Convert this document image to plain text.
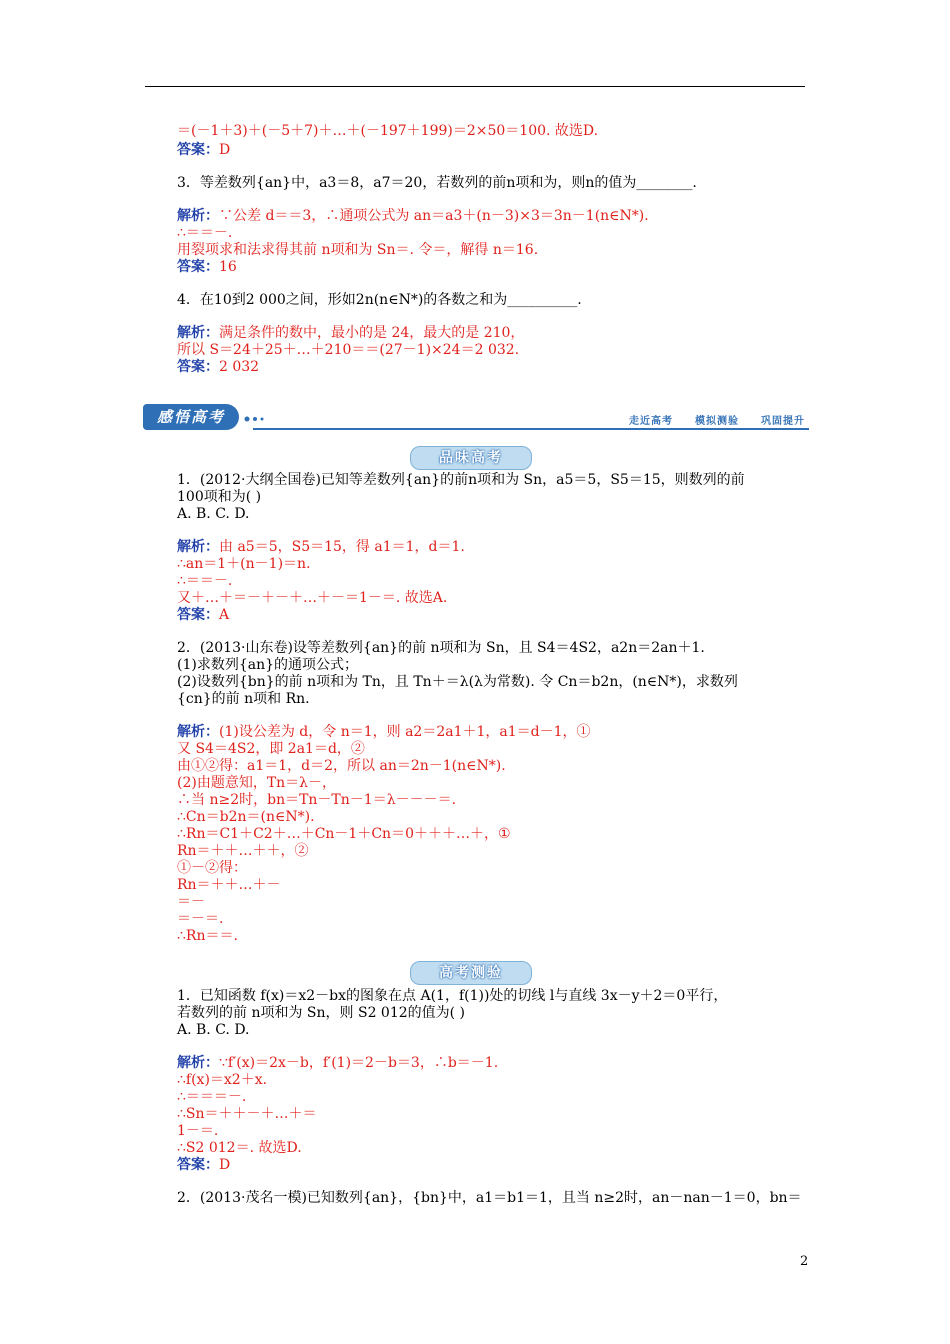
＝(－1＋3)＋(－5＋7)＋…＋(－197＋199)＝2×50＝100. 故选D.
答案：D
3．等差数列{an}中，a3＝8，a7＝20，若数列的前n项和为，则n的值为________.
解析：∵公差 d＝＝3，∴通项公式为 an＝a3＋(n－3)×3＝3n－1(n∈N*).
∴＝＝－.
用裂项求和法求得其前 n项和为 Sn＝. 令＝，解得 n＝16.
答案：16
4．在10到2 000之间，形如2n(n∈N*)的各数之和为__________.
解析：满足条件的数中，最小的是 24，最大的是 210，
所以 S＝24＋25＋…＋210＝＝(27－1)×24＝2 032.
答案：2 032
1．(2012·大纲全国卷)已知等差数列{an}的前n项和为 Sn，a5＝5，S5＝15，则数列的前
100项和为( )
A. B. C. D.
解析：由 a5＝5，S5＝15，得 a1＝1，d＝1.
∴an＝1＋(n－1)＝n.
∴＝＝－.
又＋…＋＝－＋－＋…＋－＝1－＝. 故选A.
答案：A
2．(2013·山东卷)设等差数列{an}的前 n项和为 Sn，且 S4＝4S2，a2n＝2an＋1.
(1)求数列{an}的通项公式；
(2)设数列{bn}的前 n项和为 Tn，且 Tn＋＝λ(λ为常数). 令 Cn＝b2n，(n∈N*)，求数列
{cn}的前 n项和 Rn.
解析：(1)设公差为 d，令 n＝1，则 a2＝2a1＋1，a1＝d－1，①
又 S4＝4S2，即 2a1＝d，②
由①②得：a1＝1，d＝2，所以 an＝2n－1(n∈N*).
(2)由题意知，Tn＝λ－，
∴当 n≥2时，bn＝Tn－Tn－1＝λ－－－＝.
∴Cn＝b2n＝(n∈N*).
∴Rn＝C1＋C2＋…＋Cn－1＋Cn＝0＋＋＋…＋，①
Rn＝＋＋…＋＋，②
①－②得：
Rn＝＋＋…＋－
＝－
＝－＝.
∴Rn＝＝.
1．已知函数 f(x)＝x2－bx的图象在点 A(1，f(1))处的切线 l与直线 3x－y＋2＝0平行，
若数列的前 n项和为 Sn，则 S2 012的值为( )
A. B. C. D.
解析：∵f′(x)＝2x－b，f′(1)＝2－b＝3，∴b＝－1.
∴f(x)＝x2＋x.
∴＝＝＝－.
∴Sn＝＋＋－＋…＋＝
1－＝.
∴S2 012＝. 故选D.
答案：D
2．(2013·茂名一模)已知数列{an}，{bn}中，a1＝b1＝1，且当 n≥2时，an－nan－1＝0，bn＝
感悟高考	走近高考　　模拟测验　　巩固提升
品味高考
高考测验
2
